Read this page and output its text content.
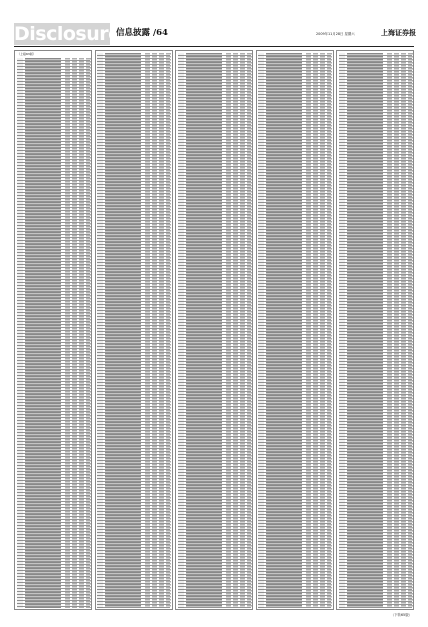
Disclosure
信息披露 /64	2009年11月28日 星期六	上海证券报
（上接63版）
（下转65版）
